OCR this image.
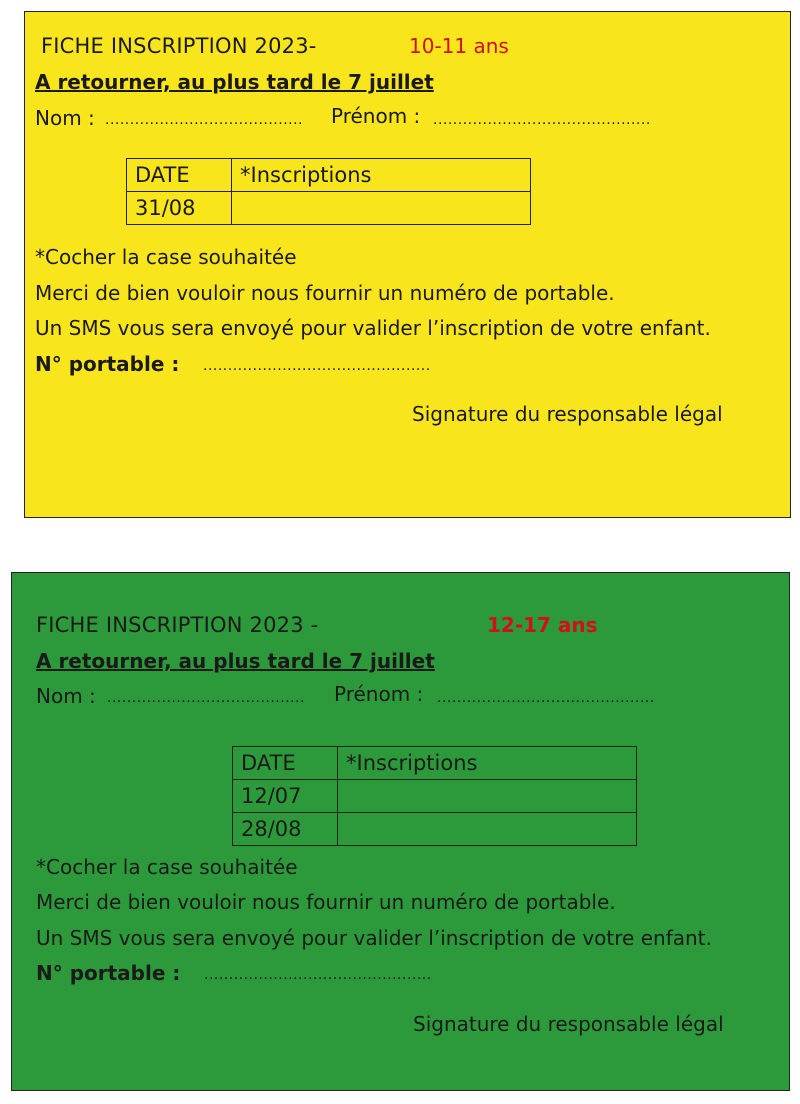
FICHE INSCRIPTION 2023-	10-11 ans
A retourner, au plus tard le 7 juillet
Nom : ........................................ Prénom : ............................................
DATE	*Inscriptions
31/08	
*Cocher la case souhaitée
Merci de bien vouloir nous fournir un numéro de portable.
Un SMS vous sera envoyé pour valider l’inscription de votre enfant.
N° portable : ..............................................
Signature du responsable légal
FICHE INSCRIPTION 2023 -	12-17 ans
A retourner, au plus tard le 7 juillet
Nom : ........................................ Prénom : ............................................
DATE	*Inscriptions
12/07	
28/08	
*Cocher la case souhaitée
Merci de bien vouloir nous fournir un numéro de portable.
Un SMS vous sera envoyé pour valider l’inscription de votre enfant.
N° portable : ..............................................
Signature du responsable légal
